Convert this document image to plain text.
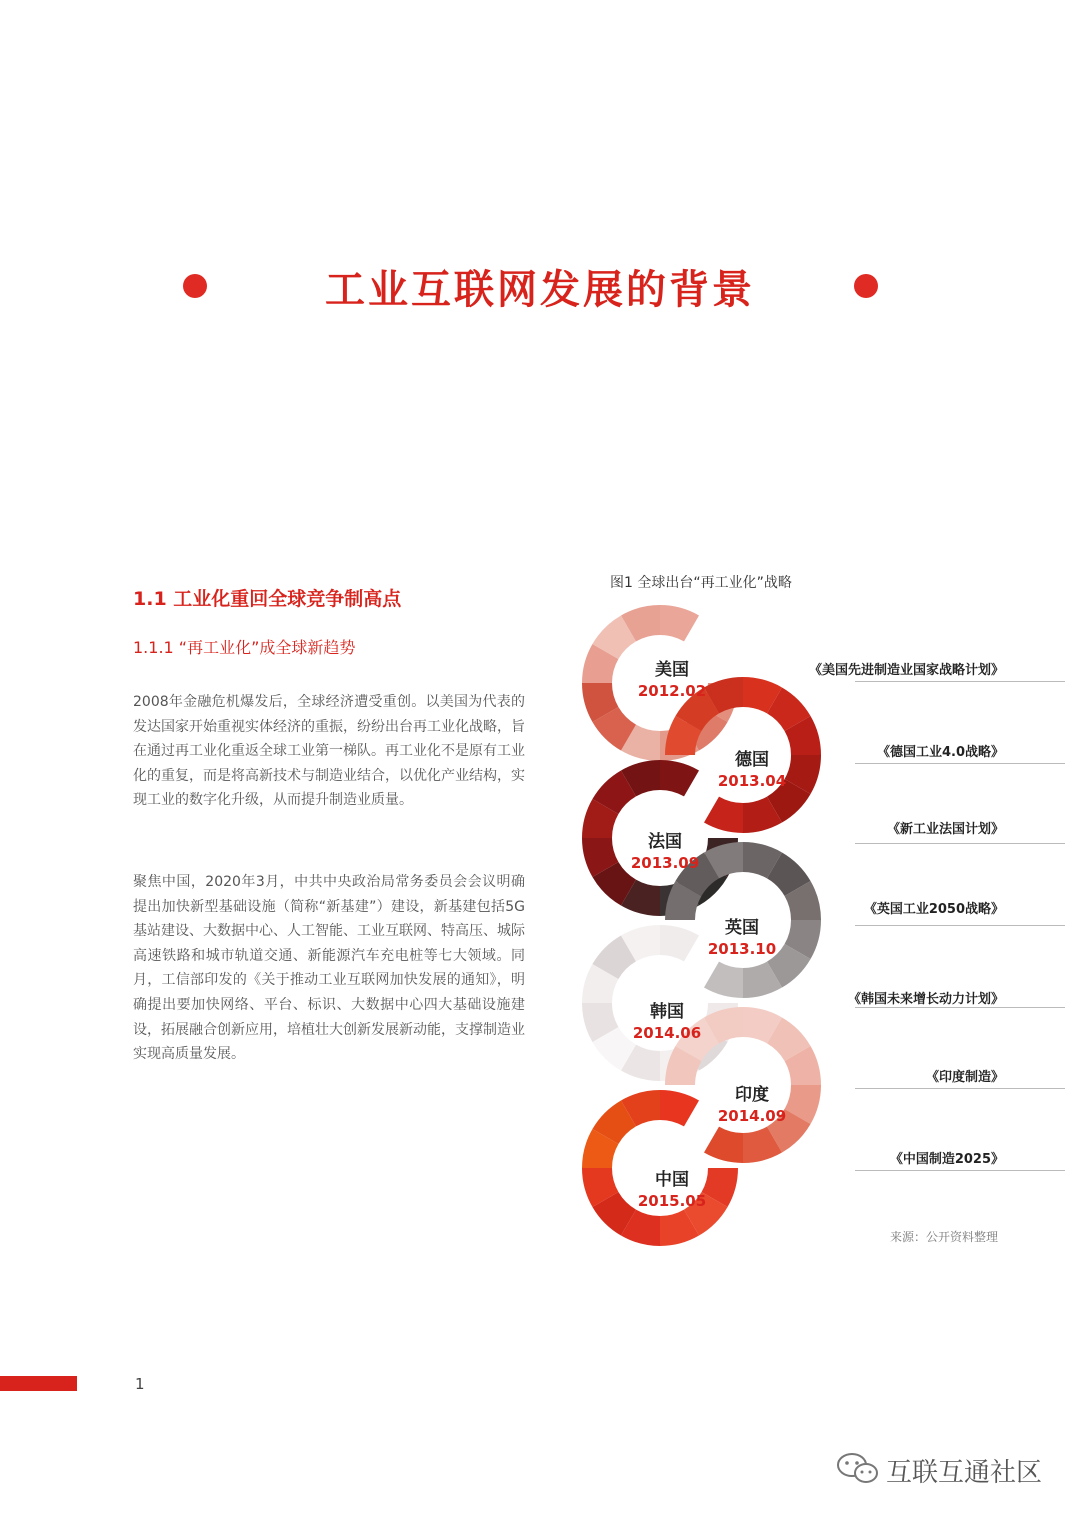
工业互联网发展的背景
1.1 工业化重回全球竞争制高点
1.1.1 “再工业化”成全球新趋势
2008年金融危机爆发后，全球经济遭受重创。以美国为代表的发达国家开始重视实体经济的重振，纷纷出台再工业化战略，旨在通过再工业化重返全球工业第一梯队。再工业化不是原有工业化的重复，而是将高新技术与制造业结合，以优化产业结构，实现工业的数字化升级，从而提升制造业质量。
聚焦中国，2020年3月，中共中央政治局常务委员会会议明确提出加快新型基础设施（简称“新基建”）建设，新基建包括5G基站建设、大数据中心、人工智能、工业互联网、特高压、城际高速铁路和城市轨道交通、新能源汽车充电桩等七大领域。同月，工信部印发的《关于推动工业互联网加快发展的通知》，明确提出要加快网络、平台、标识、大数据中心四大基础设施建设，拓展融合创新应用，培植壮大创新发展新动能，支撑制造业实现高质量发展。
图1 全球出台“再工业化”战略
美国
2012.02
德国
2013.04
法国
2013.09
英国
2013.10
韩国
2014.06
印度
2014.09
中国
2015.05
《美国先进制造业国家战略计划》
《德国工业4.0战略》
《新工业法国计划》
《英国工业2050战略》
《韩国未来增长动力计划》
《印度制造》
《中国制造2025》
来源：公开资料整理
1
互联互通社区
